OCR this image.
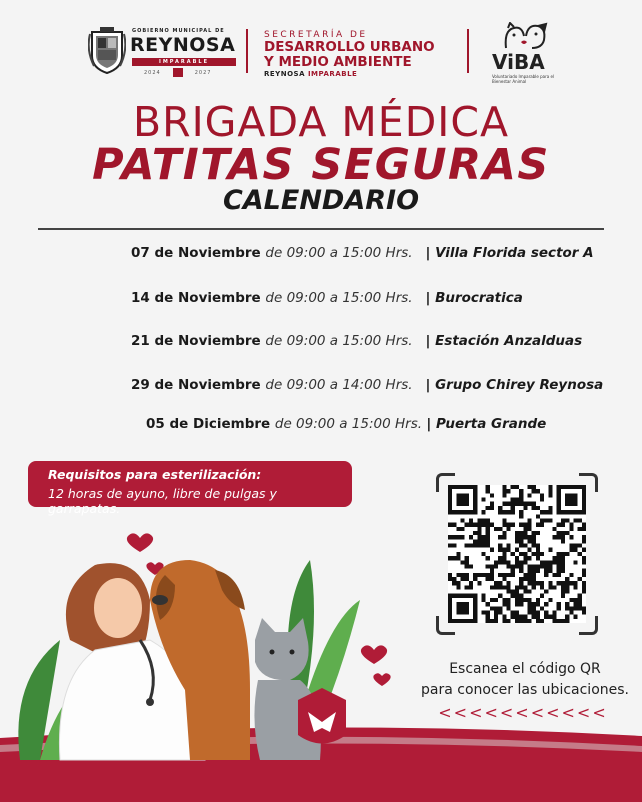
GOBIERNO MUNICIPAL DE
REYNOSA
IMPARABLE
2024	2027
SECRETARÍA DE
DESARROLLO URBANO
Y MEDIO AMBIENTE
REYNOSA IMPARABLE	ViBA
Voluntariado Imparable para el Bienestar Animal
BRIGADA MÉDICA
PATITAS SEGURAS
CALENDARIO
07 de Noviembre de 09:00 a 15:00 Hrs. | Villa Florida sector A
14 de Noviembre de 09:00 a 15:00 Hrs. | Burocratica
21 de Noviembre de 09:00 a 15:00 Hrs. | Estación Anzalduas
29 de Noviembre de 09:00 a 14:00 Hrs. | Grupo Chirey Reynosa
05 de Diciembre de 09:00 a 15:00 Hrs. | Puerta Grande
Requisitos para esterilización:
12 horas de ayuno, libre de pulgas y garrapatas.
Escanea el código QR
para conocer las ubicaciones.
<<<<<<<<<<<
